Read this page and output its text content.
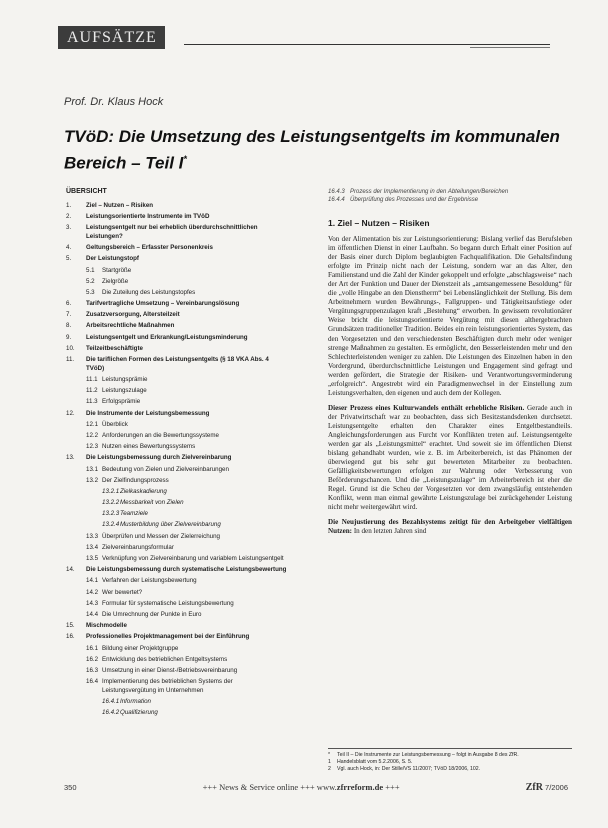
AUFSÄTZE
Prof. Dr. Klaus Hock
TVöD: Die Umsetzung des Leistungsentgelts im kommunalen Bereich – Teil I*
ÜBERSICHT
1.	Ziel – Nutzen – Risiken
2.	Leistungsorientierte Instrumente im TVöD
3.	Leistungsentgelt nur bei erheblich überdurchschnittlichen Leistungen?
4.	Geltungsbereich – Erfasster Personenkreis
5.	Der Leistungstopf
5.1	Startgröße
5.2	Zielgröße
5.3	Die Zuteilung des Leistungstopfes
6.	Tarifvertragliche Umsetzung – Vereinbarungslösung
7.	Zusatzversorgung, Altersteilzeit
8.	Arbeitsrechtliche Maßnahmen
9.	Leistungsentgelt und Erkrankung/Leistungsminderung
10.	Teilzeitbeschäftigte
11.	Die tariflichen Formen des Leistungsentgelts (§ 18 VKA Abs. 4 TVöD)
11.1 Leistungsprämie
11.2 Leistungszulage
11.3 Erfolgsprämie
12.	Die Instrumente der Leistungsbemessung
12.1 Überblick
12.2 Anforderungen an die Bewertungssysteme
12.3 Nutzen eines Bewertungssystems
13.	Die Leistungsbemessung durch Zielvereinbarung
13.1 Bedeutung von Zielen und Zielvereinbarungen
13.2 Der Zielfindungsprozess
13.2.1 Zielkaskadierung
13.2.2 Messbarkeit von Zielen
13.2.3 Teamziele
13.2.4 Musterbildung über Zielvereinbarung
13.3 Überprüfen und Messen der Zielerreichung
13.4 Zielvereinbarungsformular
13.5 Verknüpfung von Zielvereinbarung und variablem Leistungsentgelt
14.	Die Leistungsbemessung durch systematische Leistungsbewertung
14.1 Verfahren der Leistungsbewertung
14.2 Wer bewertet?
14.3 Formular für systematische Leistungsbewertung
14.4 Die Umrechnung der Punkte in Euro
15.	Mischmodelle
16.	Professionelles Projektmanagement bei der Einführung
16.1 Bildung einer Projektgruppe
16.2 Entwicklung des betrieblichen Entgeltsystems
16.3 Umsetzung in einer Dienst-/Betriebsvereinbarung
16.4 Implementierung des betrieblichen Systems der Leistungsvergütung im Unternehmen
16.4.1 Information
16.4.2 Qualifizierung
16.4.3 Prozess der Implementierung in den Abteilungen/Bereichen
16.4.4 Überprüfung des Prozesses und der Ergebnisse
1. Ziel – Nutzen – Risiken

Von der Alimentation bis zur Leistungsorientierung: Bislang verlief das Berufsleben im öffentlichen Dienst in einer Laufbahn. So begann durch Erhalt einer Position auf der Basis einer durch Diplom beglaubigten Fachqualifikation. Die Gehaltsfindung erfolgte im Prinzip nicht nach der Leistung, sondern war an das Alter, den Familienstand und die Zahl der Kinder gekoppelt und erfolgte „abschlagsweise“ nach der Art der Funktion und Dauer der Dienstzeit als „amtsangemessene Besoldung“ für die „volle Hingabe an den Dienstherrn“ bei Lebenslänglichkeit der Stellung. Bis dem Arbeitnehmern wurden Bewährungs-, Fallgruppen- und Tätigkeitsaufstiege oder Vergütungsgruppenzulagen kraft „Bestehung“ erworben. In gewissem revolutionärer Weise bricht die leistungsorientierte Vergütung mit diesen althergebrachten Grundsätzen traditioneller Tradition. Beides ein rein leistungsorientiertes System, das den Vorgesetzten und den verschiedensten Beschäftigten durch mehr oder weniger strenge Maßnahmen zu gestalten. Es ermöglicht, den Besserleistenden mehr und den Schlechterleistenden weniger zu zahlen. Die Leistungen des Einzelnen haben in den Vordergrund, überdurchschnittliche Leistungen und Engagement sind gefragt und werden gefördert, die Strategie der Risiken- und Verantwortungsverminderung „erfolgreich“. Angestrebt wird ein Paradigmenwechsel in der Einstellung zum Leistungsverhalten, den eigenen und auch dem der Kollegen.

Dieser Prozess eines Kulturwandels enthält erhebliche Risiken. Gerade auch in der Privatwirtschaft war zu beobachten, dass sich Besitzstandsdenken durchsetzt. Leistungsentgelte erhalten den Charakter eines Entgeltbestandteils. Angleichungsforderungen aus Furcht vor Konflikten treten auf. Leistungsentgelte werden gar als „Leistungsmittel“ erachtet. Und soweit sie im öffentlichen Dienst bislang gehandhabt wurden, wie z. B. im Arbeiterbereich, ist das Phänomen der überwiegend gut bis sehr gut bewerteten Mitarbeiter zu beobachten. Gefälligkeitsbewertungen erfolgen zur Wahrung oder Verbesserung von Beförderungschancen. Und die „Leistungszulage“ im Arbeiterbereich ist eher die Regel. Grund ist die Scheu der Vorgesetzten vor dem zwangsläufig entstehenden Konflikt, wenn man einmal gewährte Leistungszulage bei zurückgehender Leistung nicht mehr weitergewährt wird.

Die Neujustierung des Bezahlsystems zeitigt für den Arbeitgeber vielfältigen Nutzen: In den letzten Jahren sind

*	Teil II – Die Instrumente zur Leistungsbemessung – folgt in Ausgabe 8 des ZfR.
1	Handelsblatt vom 5.2.2006, S. 5.
2	Vgl. auch Hock, in: Der Stille/VS 11/2007; TVöD 18/2006, 102.
350	+++ News & Service online +++ www.zfrreform.de +++	ZfR 7/2006
